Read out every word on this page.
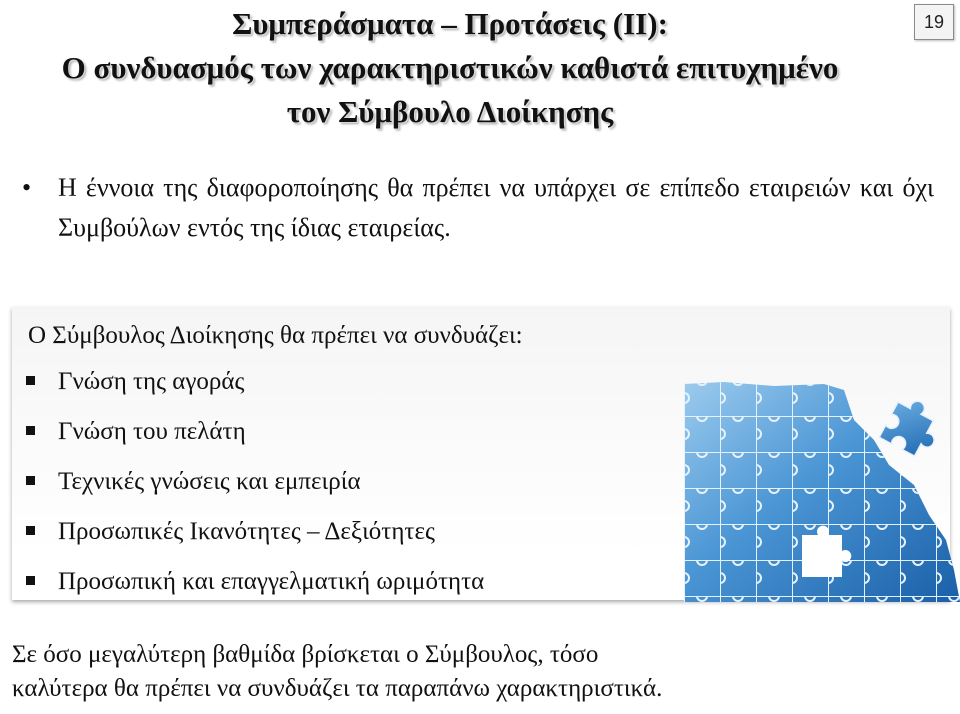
Συμπεράσματα – Προτάσεις (ΙΙ):
Ο συνδυασμός των χαρακτηριστικών καθιστά επιτυχημένο
τον Σύμβουλο Διοίκησης
19
• Η έννοια της διαφοροποίησης θα πρέπει να υπάρχει σε επίπεδο εταιρειών και όχι Συμβούλων εντός της ίδιας εταιρείας.
Ο Σύμβουλος Διοίκησης θα πρέπει να συνδυάζει:
Γνώση της αγοράς
Γνώση του πελάτη
Τεχνικές γνώσεις και εμπειρία
Προσωπικές Ικανότητες – Δεξιότητες
Προσωπική και επαγγελματική ωριμότητα
Σε όσο μεγαλύτερη βαθμίδα βρίσκεται ο Σύμβουλος, τόσο
καλύτερα θα πρέπει να συνδυάζει τα παραπάνω χαρακτηριστικά.
